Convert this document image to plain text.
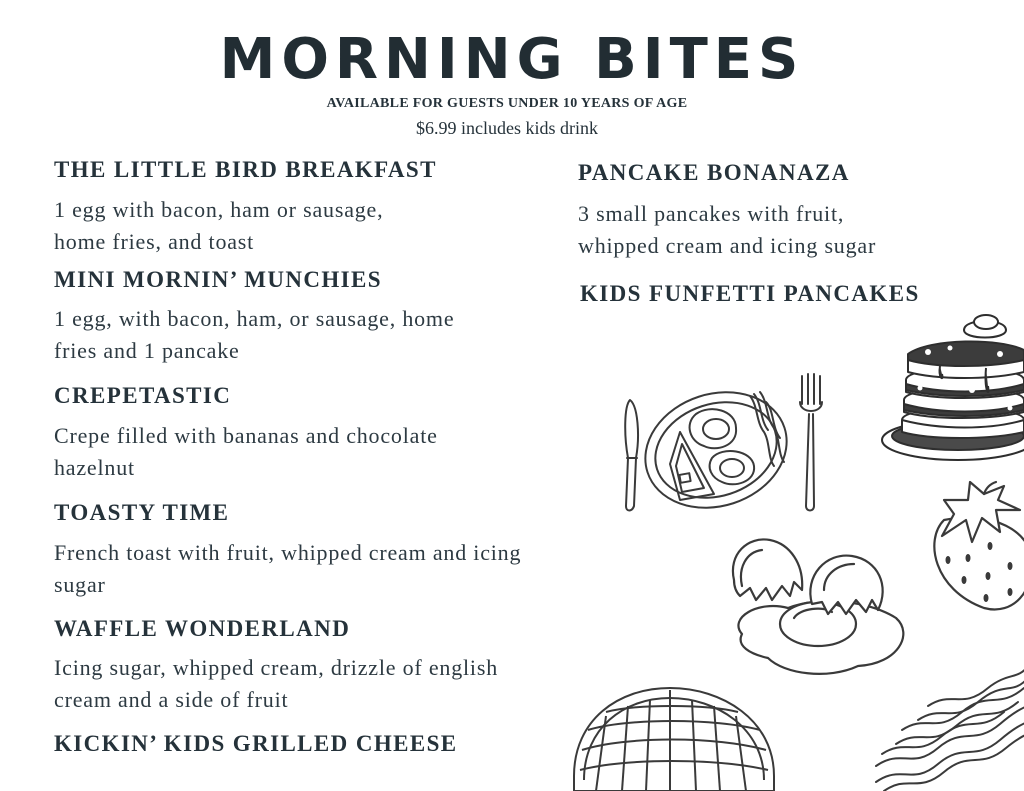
MORNING BITES
AVAILABLE FOR GUESTS UNDER 10 YEARS OF AGE
$6.99 includes kids drink
THE LITTLE BIRD BREAKFAST
1 egg with bacon, ham or sausage,
home fries, and toast
MINI MORNIN’ MUNCHIES
1 egg, with bacon, ham, or sausage, home
fries and 1 pancake
CREPETASTIC
Crepe filled with bananas and chocolate
hazelnut
TOASTY TIME
French toast with fruit, whipped cream and icing
sugar
WAFFLE WONDERLAND
Icing sugar, whipped cream, drizzle of english
cream and a side of fruit
KICKIN’ KIDS GRILLED CHEESE
PANCAKE BONANAZA
3 small pancakes with fruit,
whipped cream and icing sugar
KIDS FUNFETTI PANCAKES
